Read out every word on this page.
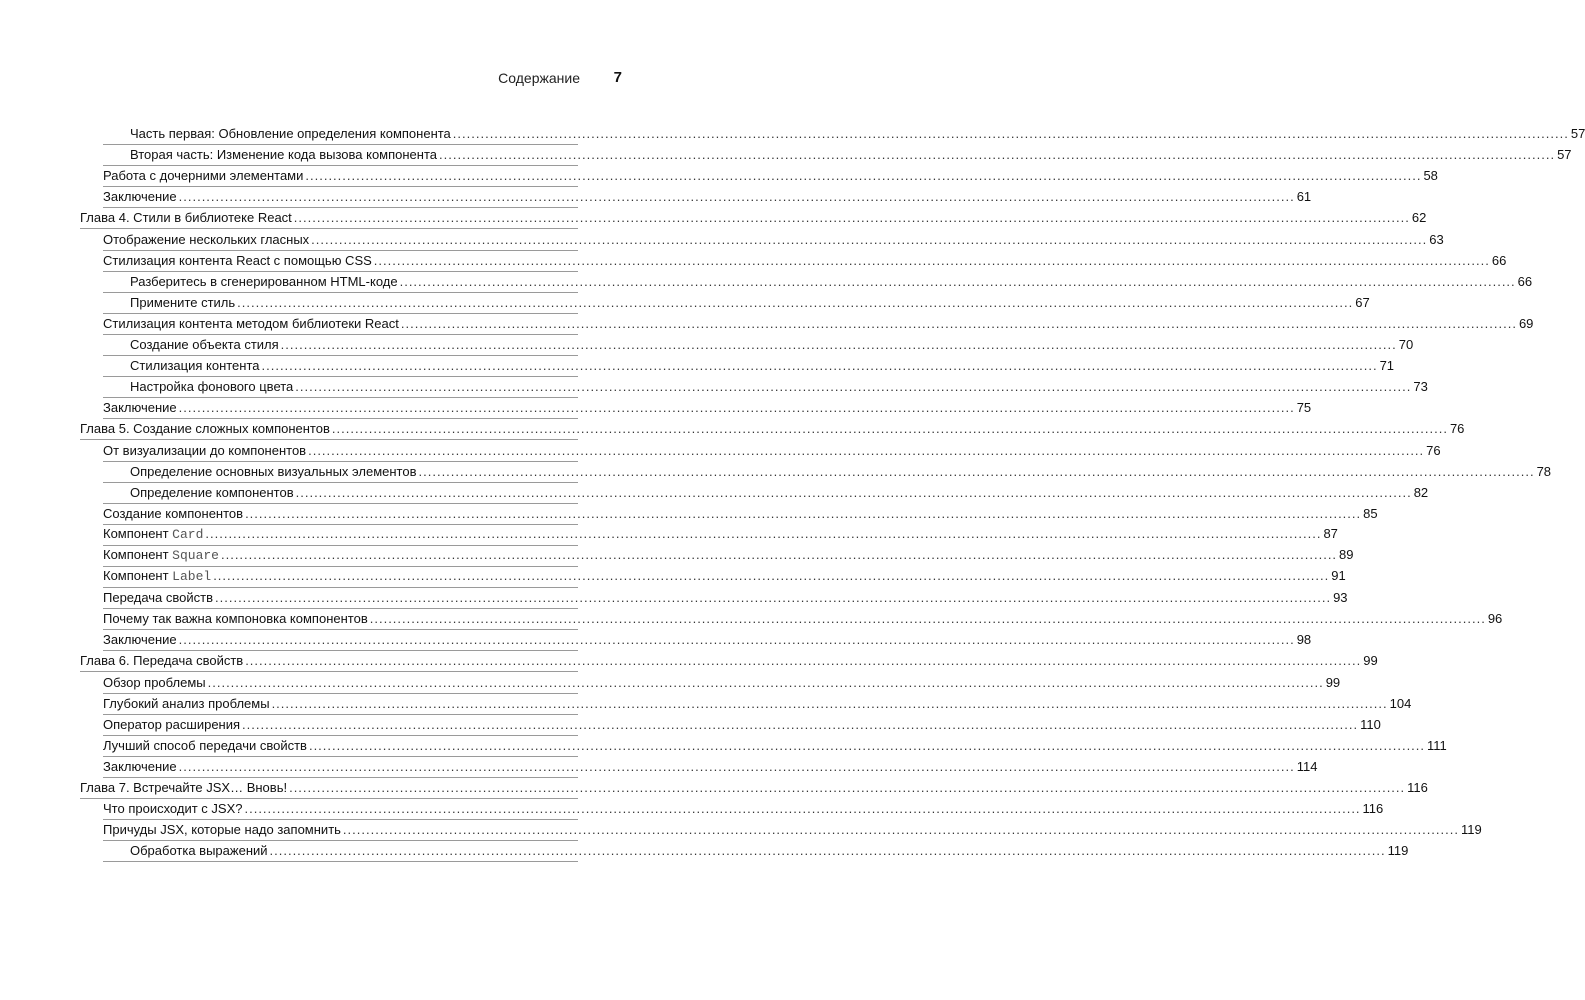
Содержание 7
Часть первая: Обновление определения компонента .....	57
Вторая часть: Изменение кода вызова компонента .....	57
Работа с дочерними элементами .....	58
Заключение .....	61
Глава 4. Стили в библиотеке React .....	62
Отображение нескольких гласных .....	63
Стилизация контента React с помощью CSS .....	66
Разберитесь в сгенерированном HTML-коде .....	66
Примените стиль .....	67
Стилизация контента методом библиотеки React .....	69
Создание объекта стиля .....	70
Стилизация контента .....	71
Настройка фонового цвета .....	73
Заключение .....	75
Глава 5. Создание сложных компонентов .....	76
От визуализации до компонентов .....	76
Определение основных визуальных элементов .....	78
Определение компонентов .....	82
Создание компонентов .....	85
Компонент Card .....	87
Компонент Square .....	89
Компонент Label .....	91
Передача свойств .....	93
Почему так важна компоновка компонентов .....	96
Заключение .....	98
Глава 6. Передача свойств .....	99
Обзор проблемы .....	99
Глубокий анализ проблемы .....	104
Оператор расширения .....	110
Лучший способ передачи свойств .....	111
Заключение .....	114
Глава 7. Встречайте JSX… Вновь! .....	116
Что происходит с JSX? .....	116
Причуды JSX, которые надо запомнить .....	119
Обработка выражений .....	119
